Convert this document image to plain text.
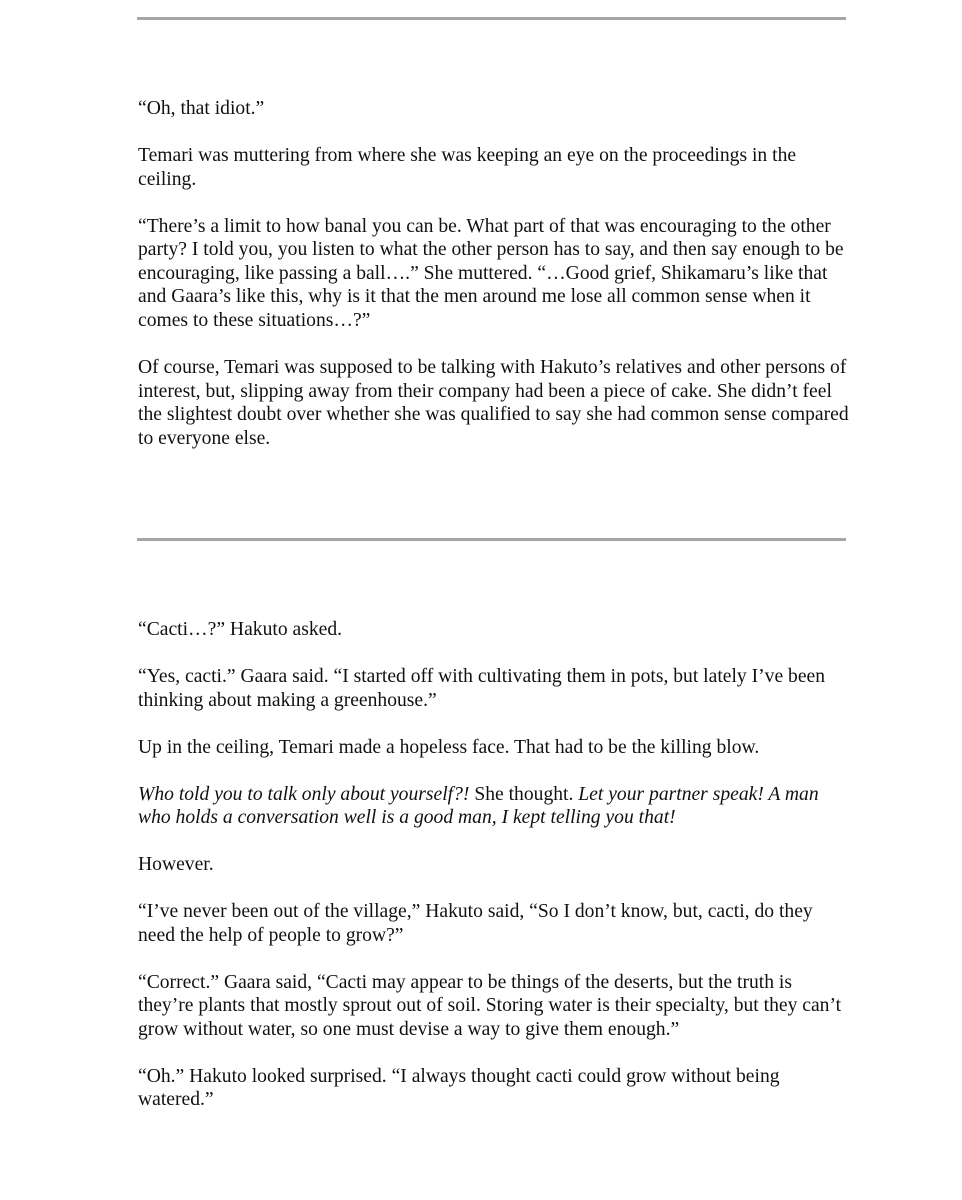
“Oh, that idiot.”

Temari was muttering from where she was keeping an eye on the proceedings in the ceiling.

“There’s a limit to how banal you can be. What part of that was encouraging to the other party? I told you, you listen to what the other person has to say, and then say enough to be encouraging, like passing a ball….” She muttered. “…Good grief, Shikamaru’s like that and Gaara’s like this, why is it that the men around me lose all common sense when it comes to these situations…?”

Of course, Temari was supposed to be talking with Hakuto’s relatives and other persons of interest, but, slipping away from their company had been a piece of cake. She didn’t feel the slightest doubt over whether she was qualified to say she had common sense compared to everyone else.

“Cacti…?” Hakuto asked.

“Yes, cacti.” Gaara said. “I started off with cultivating them in pots, but lately I’ve been thinking about making a greenhouse.”

Up in the ceiling, Temari made a hopeless face. That had to be the killing blow.

Who told you to talk only about yourself?! She thought. Let your partner speak! A man who holds a conversation well is a good man, I kept telling you that!

However.

“I’ve never been out of the village,” Hakuto said, “So I don’t know, but, cacti, do they need the help of people to grow?”

“Correct.” Gaara said, “Cacti may appear to be things of the deserts, but the truth is they’re plants that mostly sprout out of soil. Storing water is their specialty, but they can’t grow without water, so one must devise a way to give them enough.”

“Oh.” Hakuto looked surprised. “I always thought cacti could grow without being watered.”
